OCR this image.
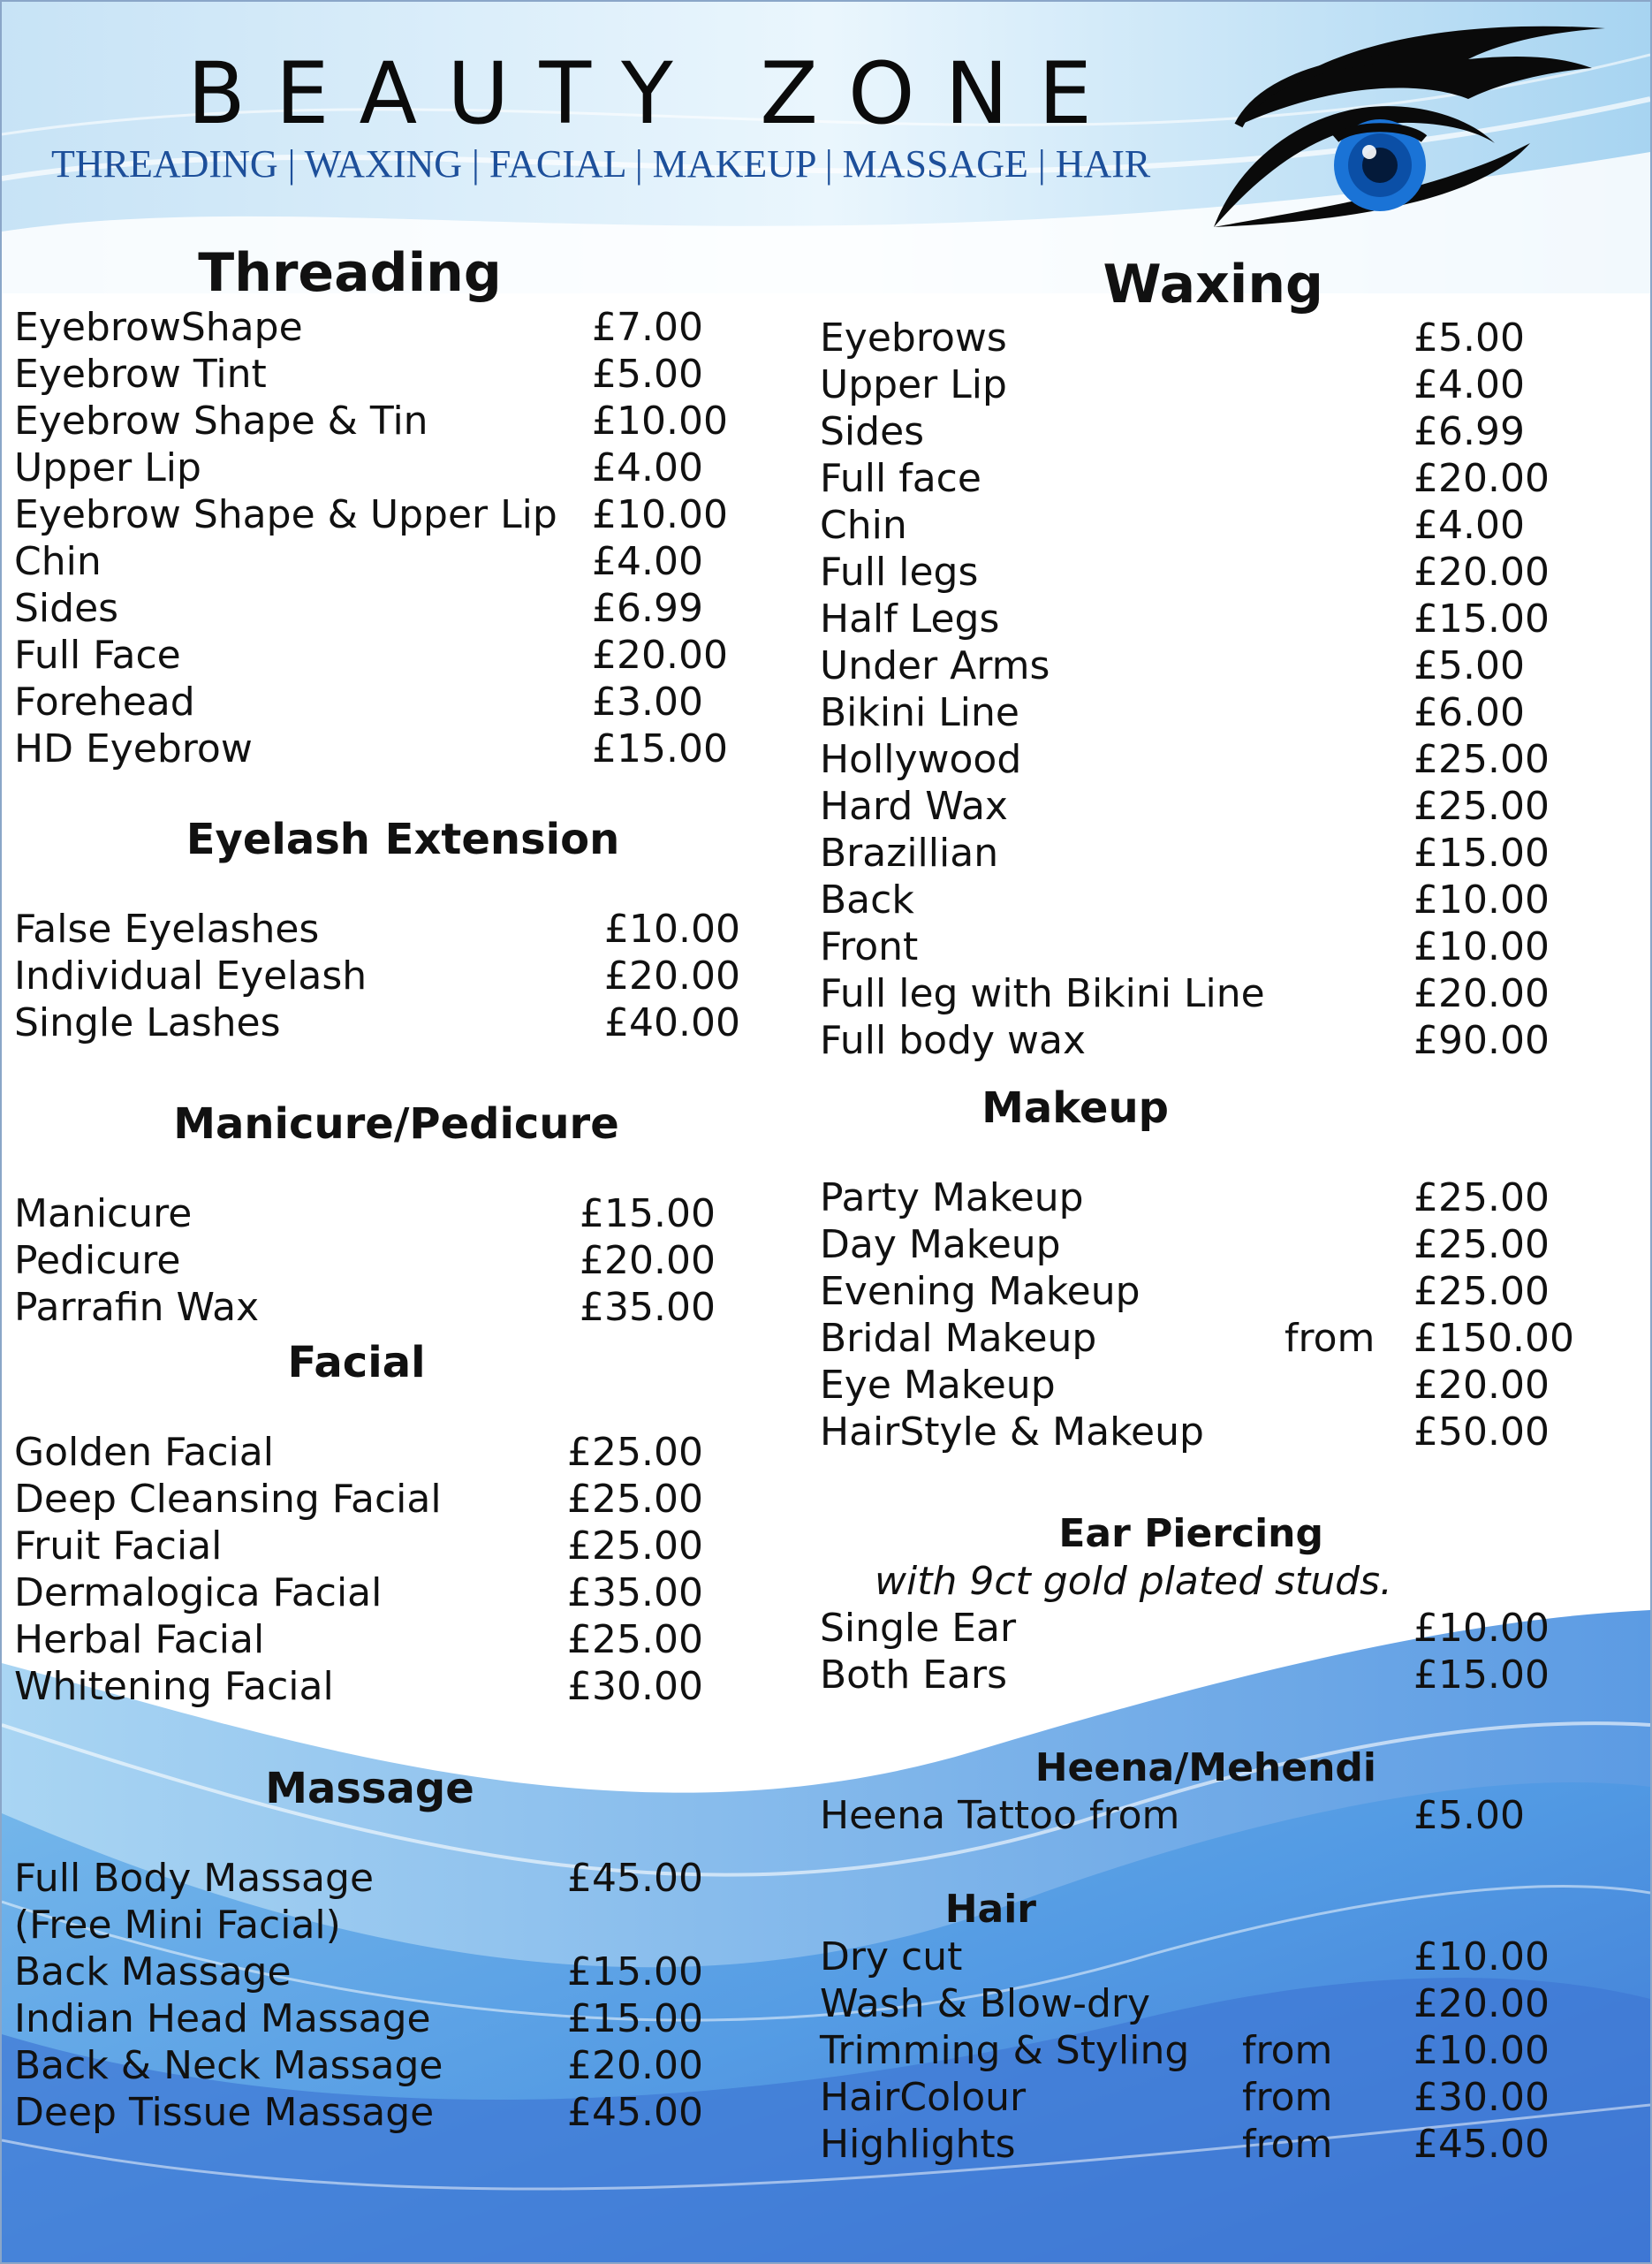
BEAUTY ZONE
THREADING | WAXING | FACIAL | MAKEUP | MASSAGE | HAIR
Threading
EyebrowShape	£7.00
Eyebrow Tint	£5.00
Eyebrow Shape & Tin	£10.00
Upper Lip	£4.00
Eyebrow Shape & Upper Lip £10.00
Chin	£4.00
Sides	£6.99
Full Face	£20.00
Forehead	£3.00
HD Eyebrow	£15.00
Eyelash Extension
False Eyelashes	£10.00
Individual Eyelash	£20.00
Single Lashes	£40.00
Manicure/Pedicure
Manicure	£15.00
Pedicure	£20.00
Parrafin Wax	£35.00
Facial
Golden Facial	£25.00
Deep Cleansing Facial	£25.00
Fruit Facial	£25.00
Dermalogica Facial	£35.00
Herbal Facial	£25.00
Whitening Facial	£30.00
Massage
Full Body Massage	£45.00
(Free Mini Facial)
Back Massage	£15.00
Indian Head Massage	£15.00
Back & Neck Massage	£20.00
Deep Tissue Massage	£45.00
Waxing
Eyebrows	£5.00
Upper Lip	£4.00
Sides	£6.99
Full face	£20.00
Chin	£4.00
Full legs	£20.00
Half Legs	£15.00
Under Arms	£5.00
Bikini Line	£6.00
Hollywood	£25.00
Hard Wax	£25.00
Brazillian	£15.00
Back	£10.00
Front	£10.00
Full leg with Bikini Line	£20.00
Full body wax	£90.00
Makeup
Party Makeup	£25.00
Day Makeup	£25.00
Evening Makeup	£25.00
Bridal Makeup	from £150.00
Eye Makeup	£20.00
HairStyle & Makeup	£50.00
Ear Piercing
with 9ct gold plated studs.
Single Ear	£10.00
Both Ears	£15.00
Heena/Mehendi
Heena Tattoo from	£5.00
Hair
Dry cut	£10.00
Wash & Blow-dry	£20.00
Trimming & Styling from £10.00
HairColour	from £30.00
Highlights	from £45.00
